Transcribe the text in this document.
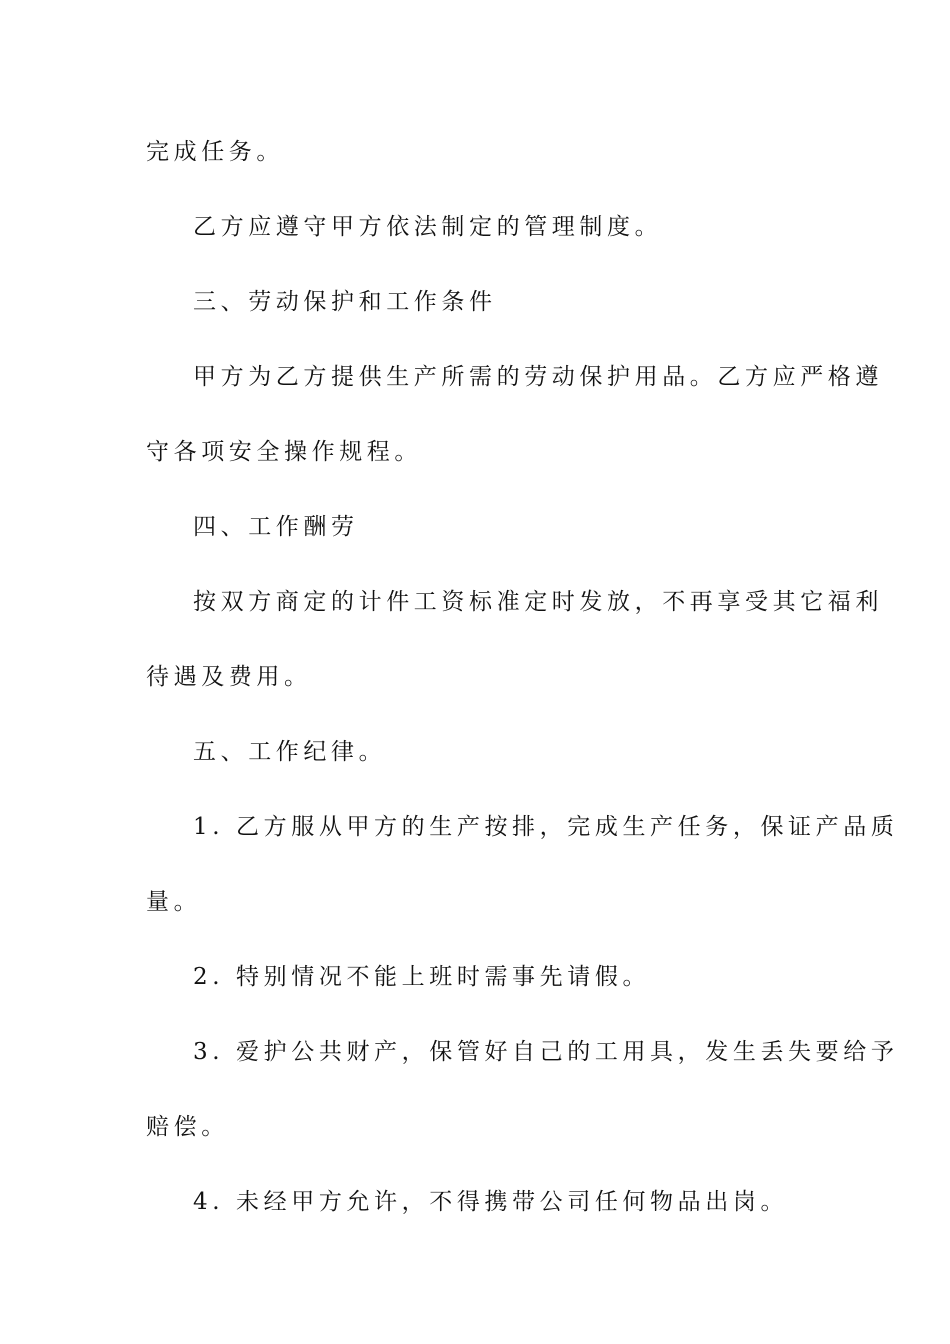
完成任务。
乙方应遵守甲方依法制定的管理制度。
三、劳动保护和工作条件
甲方为乙方提供生产所需的劳动保护用品。乙方应严格遵
守各项安全操作规程。
四、工作酬劳
按双方商定的计件工资标准定时发放，不再享受其它福利
待遇及费用。
五、工作纪律。
1. 乙方服从甲方的生产按排，完成生产任务，保证产品质
量。
2. 特别情况不能上班时需事先请假。
3. 爱护公共财产，保管好自己的工用具，发生丢失要给予
赔偿。
4. 未经甲方允许，不得携带公司任何物品出岗。
